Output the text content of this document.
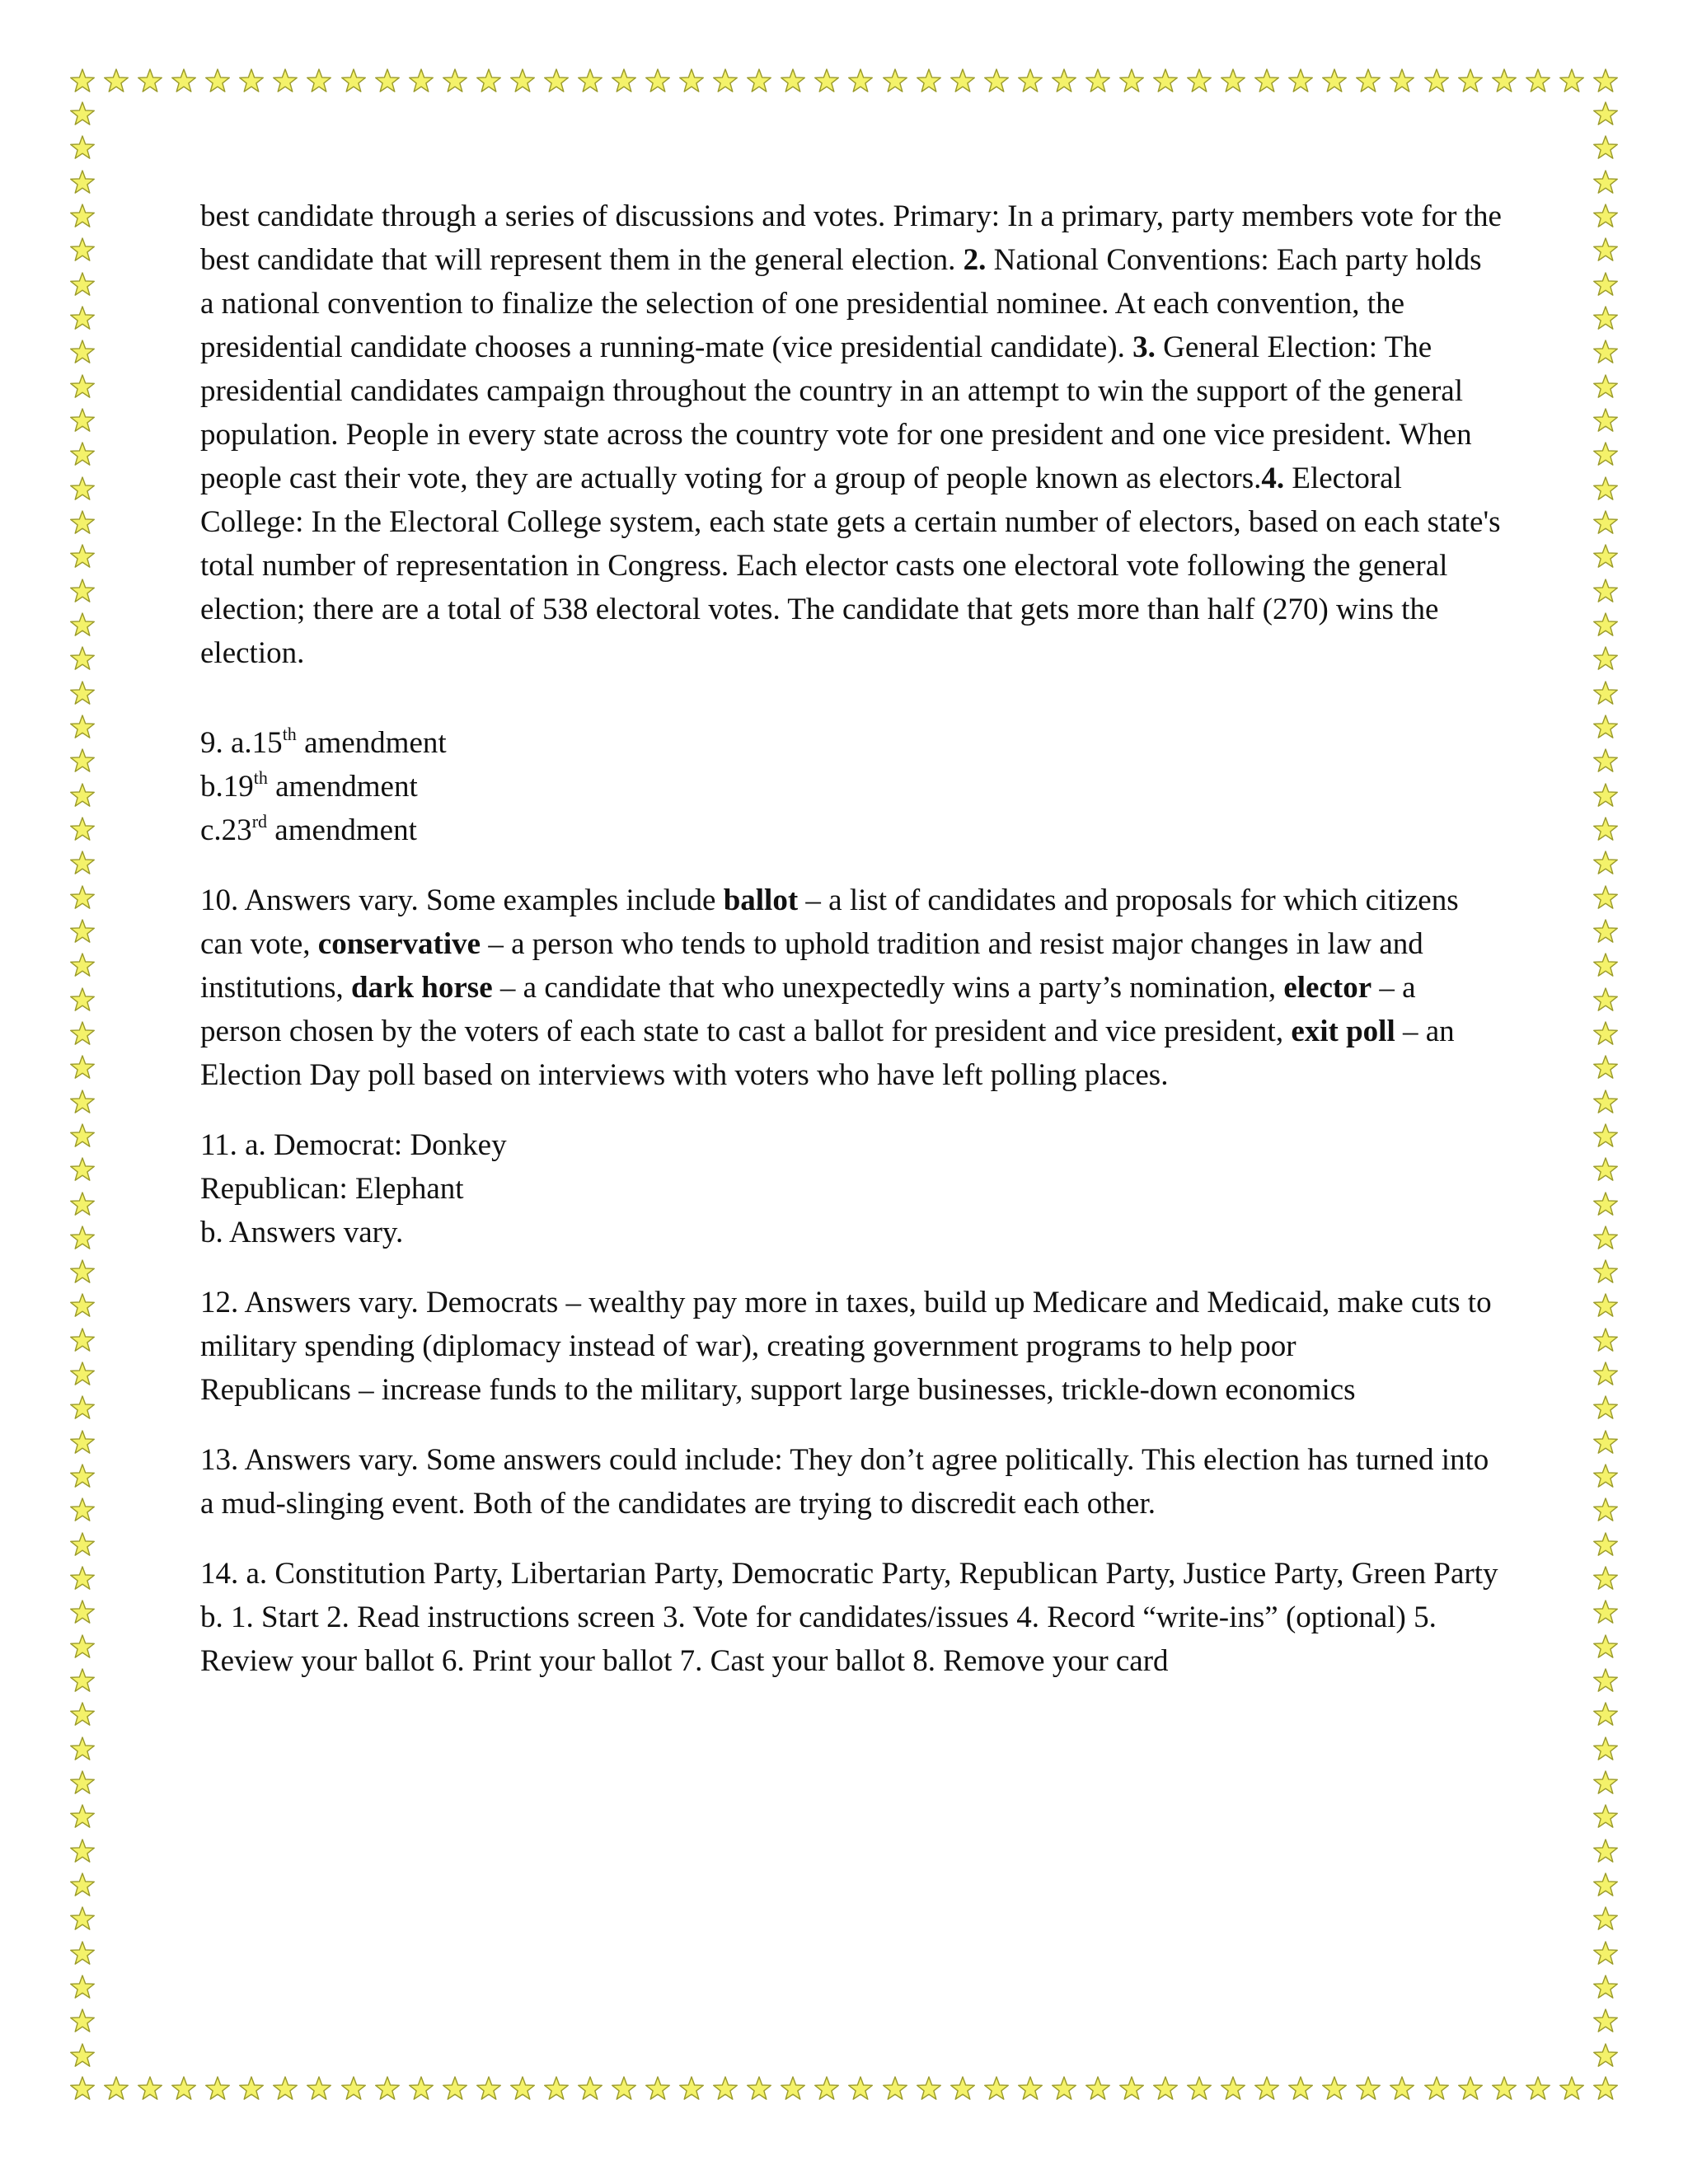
best candidate through a series of discussions and votes. Primary: In a primary, party members vote for the best candidate that will represent them in the general election. 2. National Conventions: Each party holds a national convention to finalize the selection of one presidential nominee. At each convention, the presidential candidate chooses a running-mate (vice presidential candidate). 3. General Election: The presidential candidates campaign throughout the country in an attempt to win the support of the general population. People in every state across the country vote for one president and one vice president. When people cast their vote, they are actually voting for a group of people known as electors.4. Electoral College: In the Electoral College system, each state gets a certain number of electors, based on each state's total number of representation in Congress. Each elector casts one electoral vote following the general election; there are a total of 538 electoral votes. The candidate that gets more than half (270) wins the election.

9. a.15th amendment
b.19th amendment
c.23rd amendment

10. Answers vary. Some examples include ballot – a list of candidates and proposals for which citizens can vote, conservative – a person who tends to uphold tradition and resist major changes in law and institutions, dark horse – a candidate that who unexpectedly wins a party’s nomination, elector – a person chosen by the voters of each state to cast a ballot for president and vice president, exit poll – an Election Day poll based on interviews with voters who have left polling places.

11. a. Democrat: Donkey
Republican: Elephant
b. Answers vary.
12. Answers vary. Democrats – wealthy pay more in taxes, build up Medicare and Medicaid, make cuts to military spending (diplomacy instead of war), creating government programs to help poor
Republicans – increase funds to the military, support large businesses, trickle-down economics
13. Answers vary. Some answers could include: They don’t agree politically. This election has turned into a mud-slinging event. Both of the candidates are trying to discredit each other.
14. a. Constitution Party, Libertarian Party, Democratic Party, Republican Party, Justice Party, Green Party
b. 1. Start 2. Read instructions screen 3. Vote for candidates/issues 4. Record “write-ins” (optional) 5. Review your ballot 6. Print your ballot 7. Cast your ballot 8. Remove your card
